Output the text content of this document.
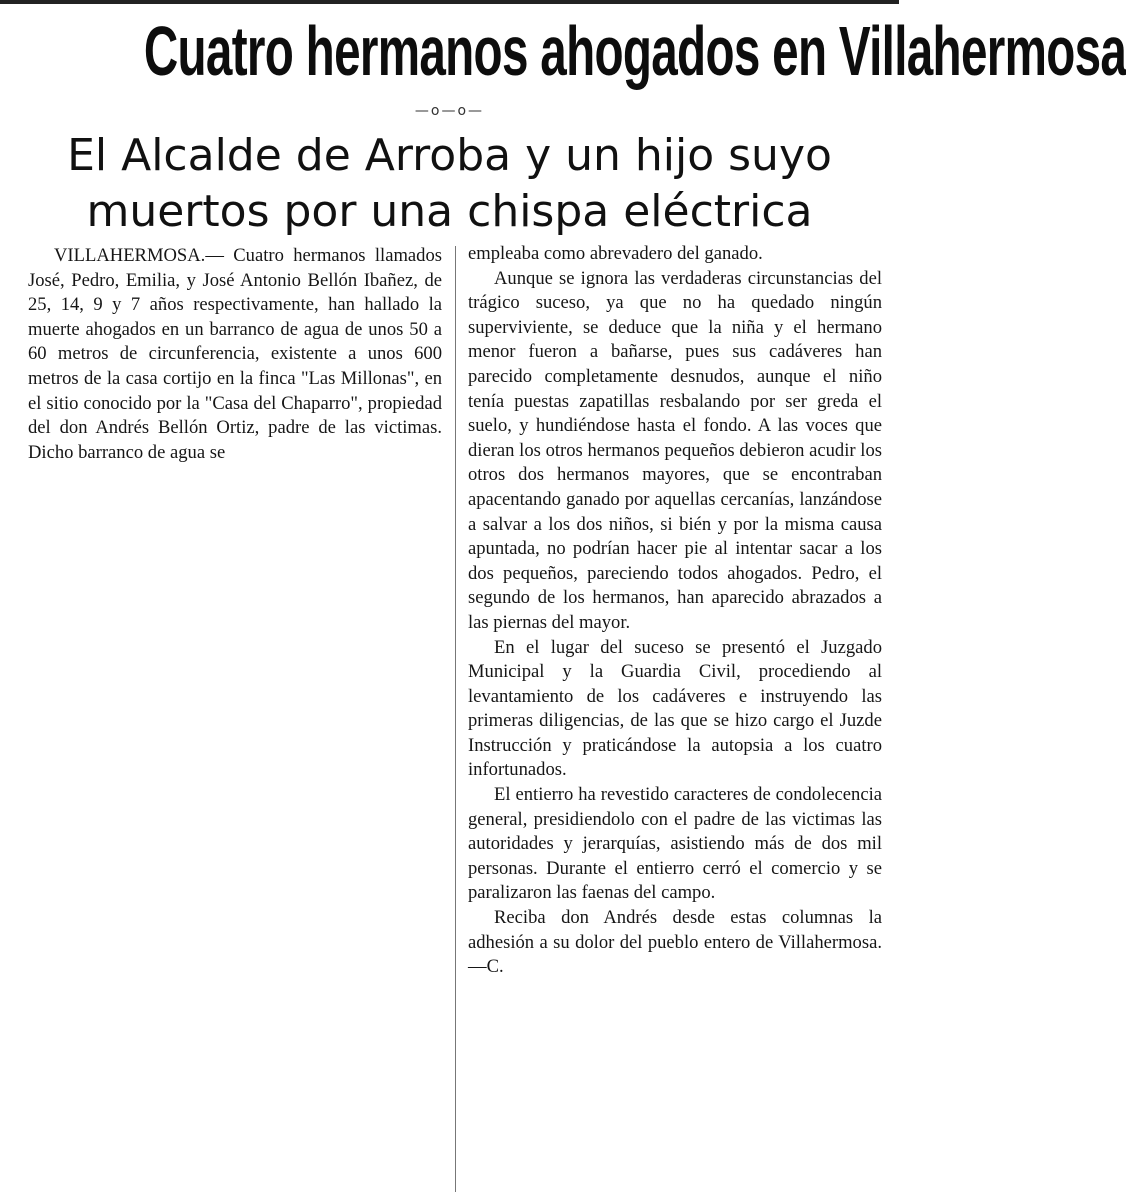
Cuatro hermanos ahogados en Villahermosa
—o—o—
El Alcalde de Arroba y un hijo suyo
muertos por una chispa eléctrica

VILLAHERMOSA.— Cuatro hermanos llamados José, Pedro, Emilia, y José Antonio Bellón Ibañez, de 25, 14, 9 y 7 años respectivamente, han hallado la muerte ahogados en un barranco de agua de unos 50 a 60 metros de circunferencia, existente a unos 600 metros de la casa cortijo en la finca "Las Millonas", en el sitio conocido por la "Casa del Chaparro", propiedad del don Andrés Bellón Ortiz, padre de las victimas. Dicho barranco de agua se

empleaba como abrevadero del ganado.

Aunque se ignora las verdaderas circunstancias del trágico suceso, ya que no ha quedado ningún superviviente, se deduce que la niña y el hermano menor fueron a bañarse, pues sus cadáveres han parecido completamente desnudos, aunque el niño tenía puestas zapatillas resbalando por ser greda el suelo, y hundiéndose hasta el fondo. A las voces que dieran los otros hermanos pequeños debieron acudir los otros dos hermanos mayores, que se encontraban apacentando ganado por aquellas cercanías, lanzándose a salvar a los dos niños, si bién y por la misma causa apuntada, no podrían hacer pie al intentar sacar a los dos pequeños, pareciendo todos ahogados. Pedro, el segundo de los hermanos, han aparecido abrazados a las piernas del mayor.

En el lugar del suceso se presentó el Juzgado Municipal y la Guardia Civil, procediendo al levantamiento de los cadáveres e instruyendo las primeras diligencias, de las que se hizo cargo el Juzde Instrucción y praticándose la autopsia a los cuatro infortunados.

El entierro ha revestido caracteres de condolecencia general, presidiendolo con el padre de las victimas las autoridades y jerarquías, asistiendo más de dos mil personas. Durante el entierro cerró el comercio y se paralizaron las faenas del campo.

Reciba don Andrés desde estas columnas la adhesión a su dolor del pueblo entero de Villahermosa.—C.
